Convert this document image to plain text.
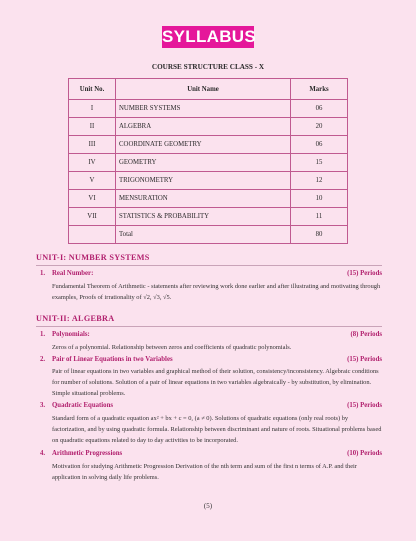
SYLLABUS
COURSE STRUCTURE CLASS - X
Unit No.	Unit Name	Marks
I	NUMBER SYSTEMS	06
II	ALGEBRA	20
III	COORDINATE GEOMETRY	06
IV	GEOMETRY	15
V	TRIGONOMETRY	12
VI	MENSURATION	10
VII	STATISTICS & PROBABILITY	11
	Total	80
UNIT-I: NUMBER SYSTEMS
1. Real Number:	(15) Periods
Fundamental Theorem of Arithmetic - statements after reviewing work done earlier and after illustrating and motivating through examples, Proofs of irrationality of √2, √3, √5.
UNIT-II: ALGEBRA
1. Polynomials:	(8) Periods
Zeros of a polynomial. Relationship between zeros and coefficients of quadratic polynomials.
2. Pair of Linear Equations in two Variables	(15) Periods
Pair of linear equations in two variables and graphical method of their solution, consistency/inconsistency. Algebraic conditions for number of solutions. Solution of a pair of linear equations in two variables algebraically - by substitution, by elimination. Simple situational problems.
3. Quadratic Equations	(15) Periods
Standard form of a quadratic equation ax² + bx + c = 0, (a ≠ 0). Solutions of quadratic equations (only real roots) by factorization, and by using quadratic formula. Relationship between discriminant and nature of roots. Situational problems based on quadratic equations related to day to day activities to be incorporated.
4. Arithmetic Progressions	(10) Periods
Motivation for studying Arithmetic Progression Derivation of the nth term and sum of the first n terms of A.P. and their application in solving daily life problems.
(5)
